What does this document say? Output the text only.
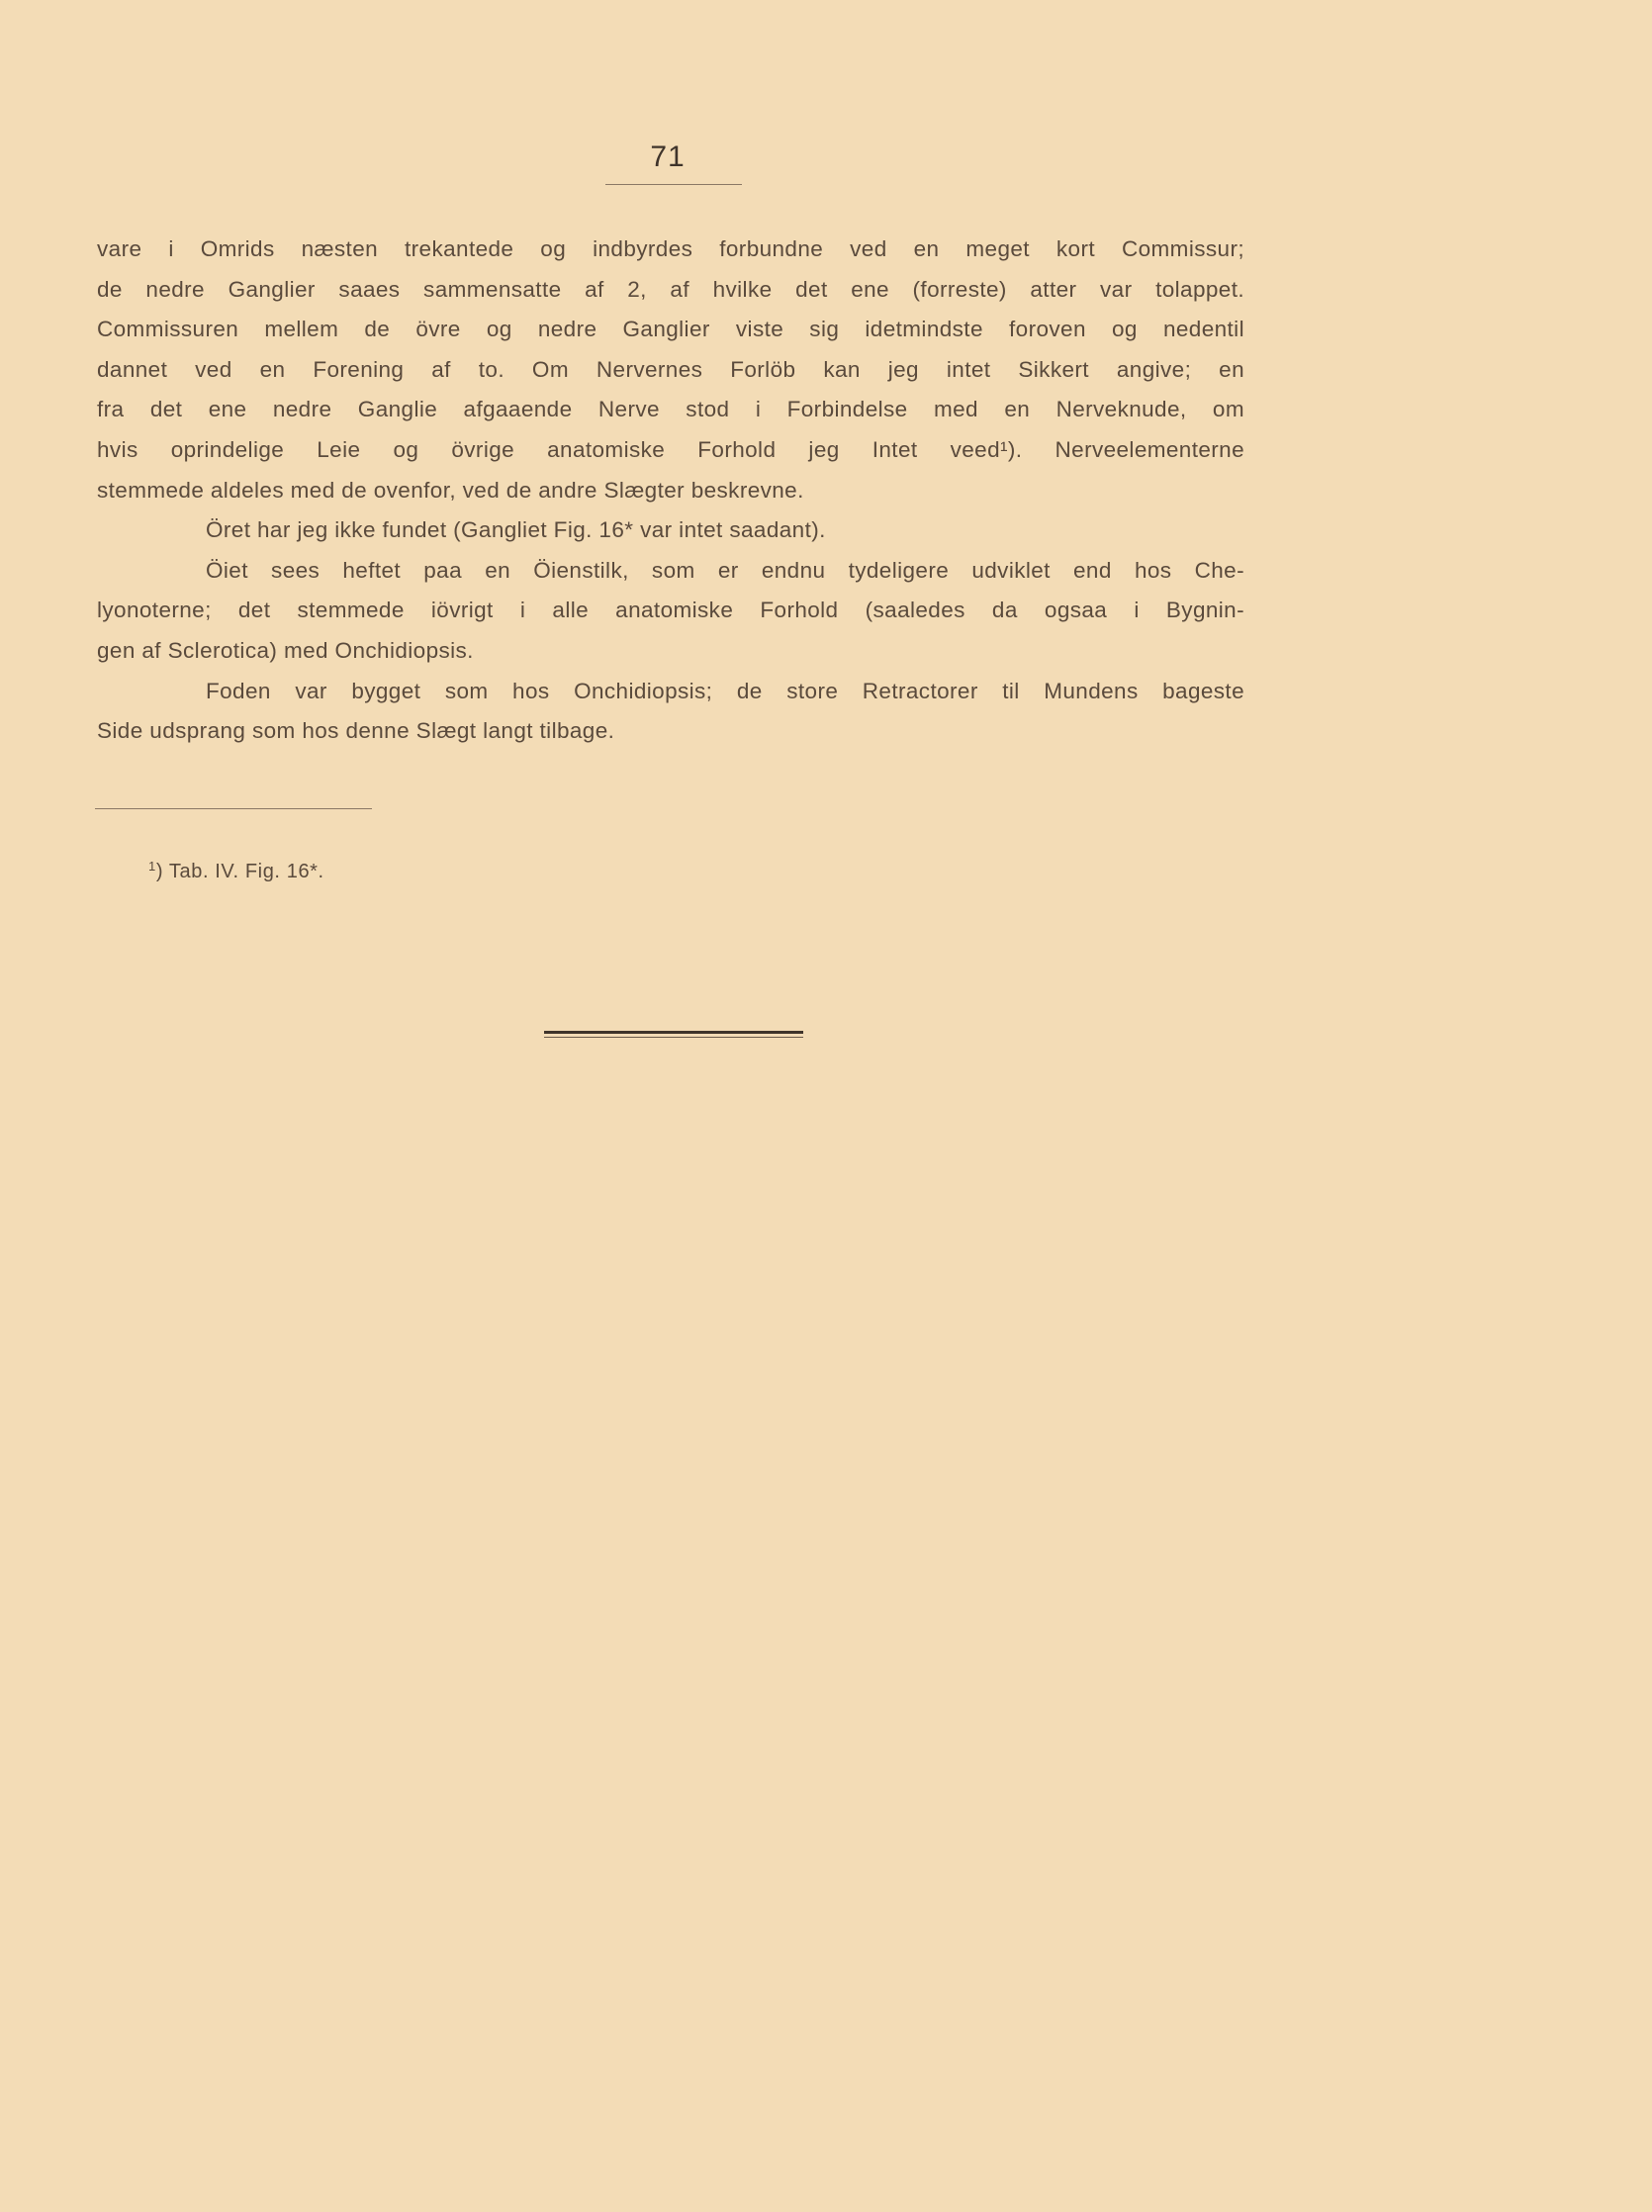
71
vare i Omrids næsten trekantede og indbyrdes forbundne ved en meget kort Commissur;
de nedre Ganglier saaes sammensatte af 2, af hvilke det ene (forreste) atter var tolappet.
Commissuren mellem de övre og nedre Ganglier viste sig idetmindste foroven og nedentil
dannet ved en Forening af to. Om Nervernes Forlöb kan jeg intet Sikkert angive; en
fra det ene nedre Ganglie afgaaende Nerve stod i Forbindelse med en Nerveknude, om
hvis oprindelige Leie og övrige anatomiske Forhold jeg Intet veed¹). Nerveelementerne
stemmede aldeles med de ovenfor, ved de andre Slægter beskrevne.
Öret har jeg ikke fundet (Gangliet Fig. 16* var intet saadant).
Öiet sees heftet paa en Öienstilk, som er endnu tydeligere udviklet end hos Che-
lyonoterne; det stemmede iövrigt i alle anatomiske Forhold (saaledes da ogsaa i Bygnin-
gen af Sclerotica) med Onchidiopsis.
Foden var bygget som hos Onchidiopsis; de store Retractorer til Mundens bageste
Side udsprang som hos denne Slægt langt tilbage.
$^1$) Tab. IV. Fig. 16*.
